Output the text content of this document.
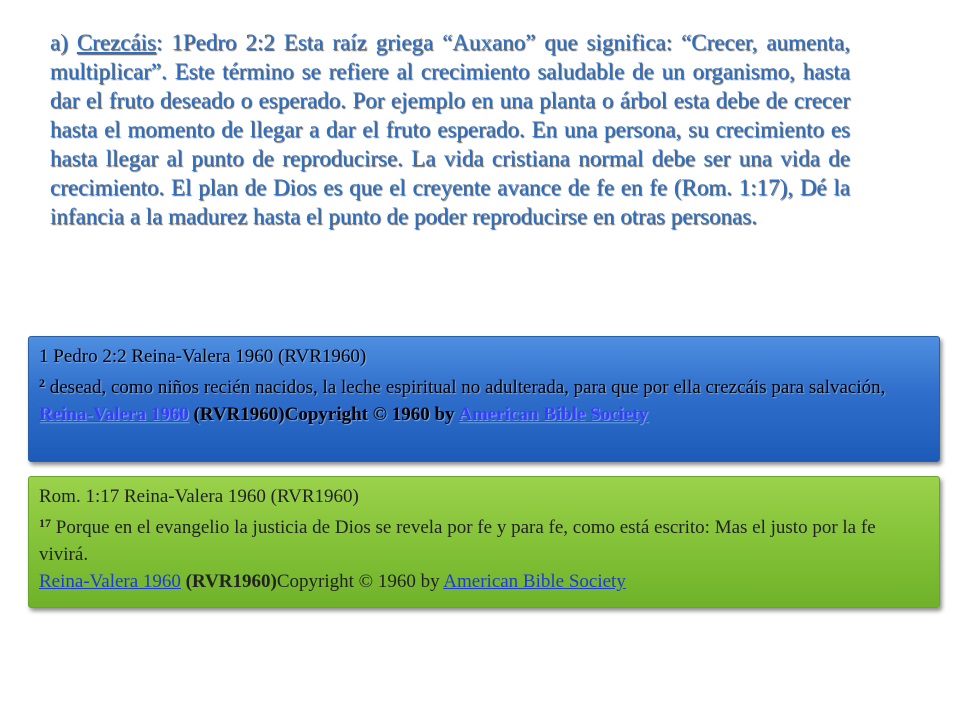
a) Crezcáis: 1Pedro 2:2 Esta raíz griega “Auxano” que significa: “Crecer, aumenta, multiplicar”. Este término se refiere al crecimiento saludable de un organismo, hasta dar el fruto deseado o esperado. Por ejemplo en una planta o árbol esta debe de crecer hasta el momento de llegar a dar el fruto esperado. En una persona, su crecimiento es hasta llegar al punto de reproducirse. La vida cristiana normal debe ser una vida de crecimiento. El plan de Dios es que el creyente avance de fe en fe (Rom. 1:17), Dé la infancia a la madurez hasta el punto de poder reproducirse en otras personas.

1 Pedro 2:2 Reina-Valera 1960 (RVR1960)
$^2$ desead, como niños recién nacidos, la leche espiritual no adulterada, para que por ella crezcáis para salvación,
Reina-Valera 1960 (RVR1960)Copyright © 1960 by American Bible Society
Rom. 1:17 Reina-Valera 1960 (RVR1960)
$^{17}$ Porque en el evangelio la justicia de Dios se revela por fe y para fe, como está escrito: Mas el justo por la fe vivirá.
Reina-Valera 1960 (RVR1960)Copyright © 1960 by American Bible Society
